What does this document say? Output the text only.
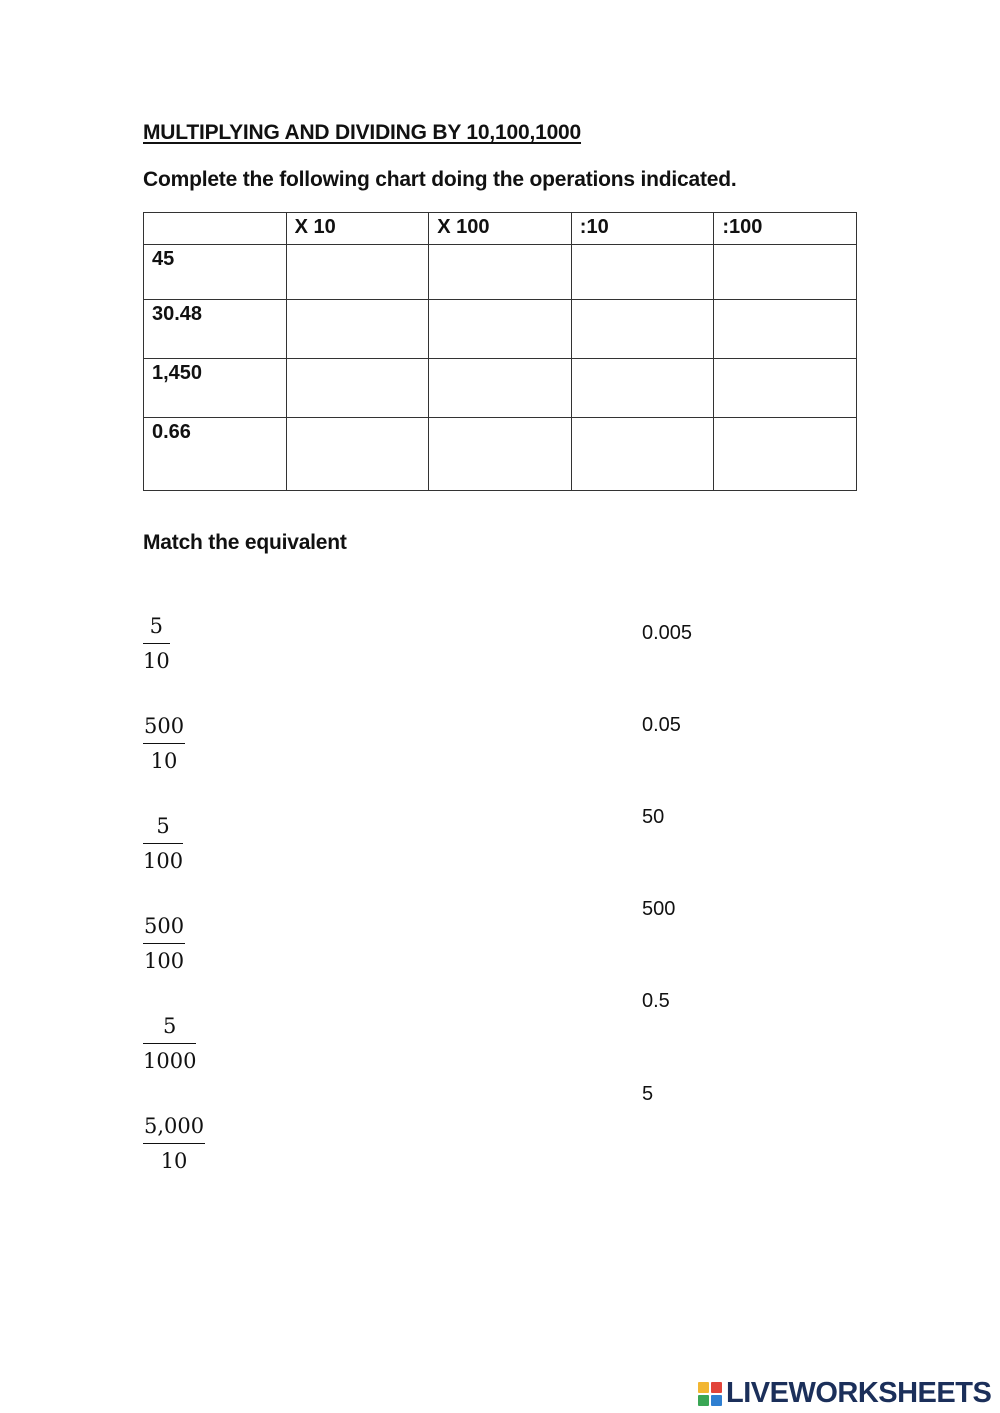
MULTIPLYING AND DIVIDING BY 10,100,1000
Complete the following chart doing the operations indicated.
	X 10	X 100	:10	:100
45				
30.48				
1,450				
0.66				
Match the equivalent
5
10
500
10
5
100
500
100
5
1000
5,000
10
0.005
0.05
50
500
0.5
5
LIVEWORKSHEETS
